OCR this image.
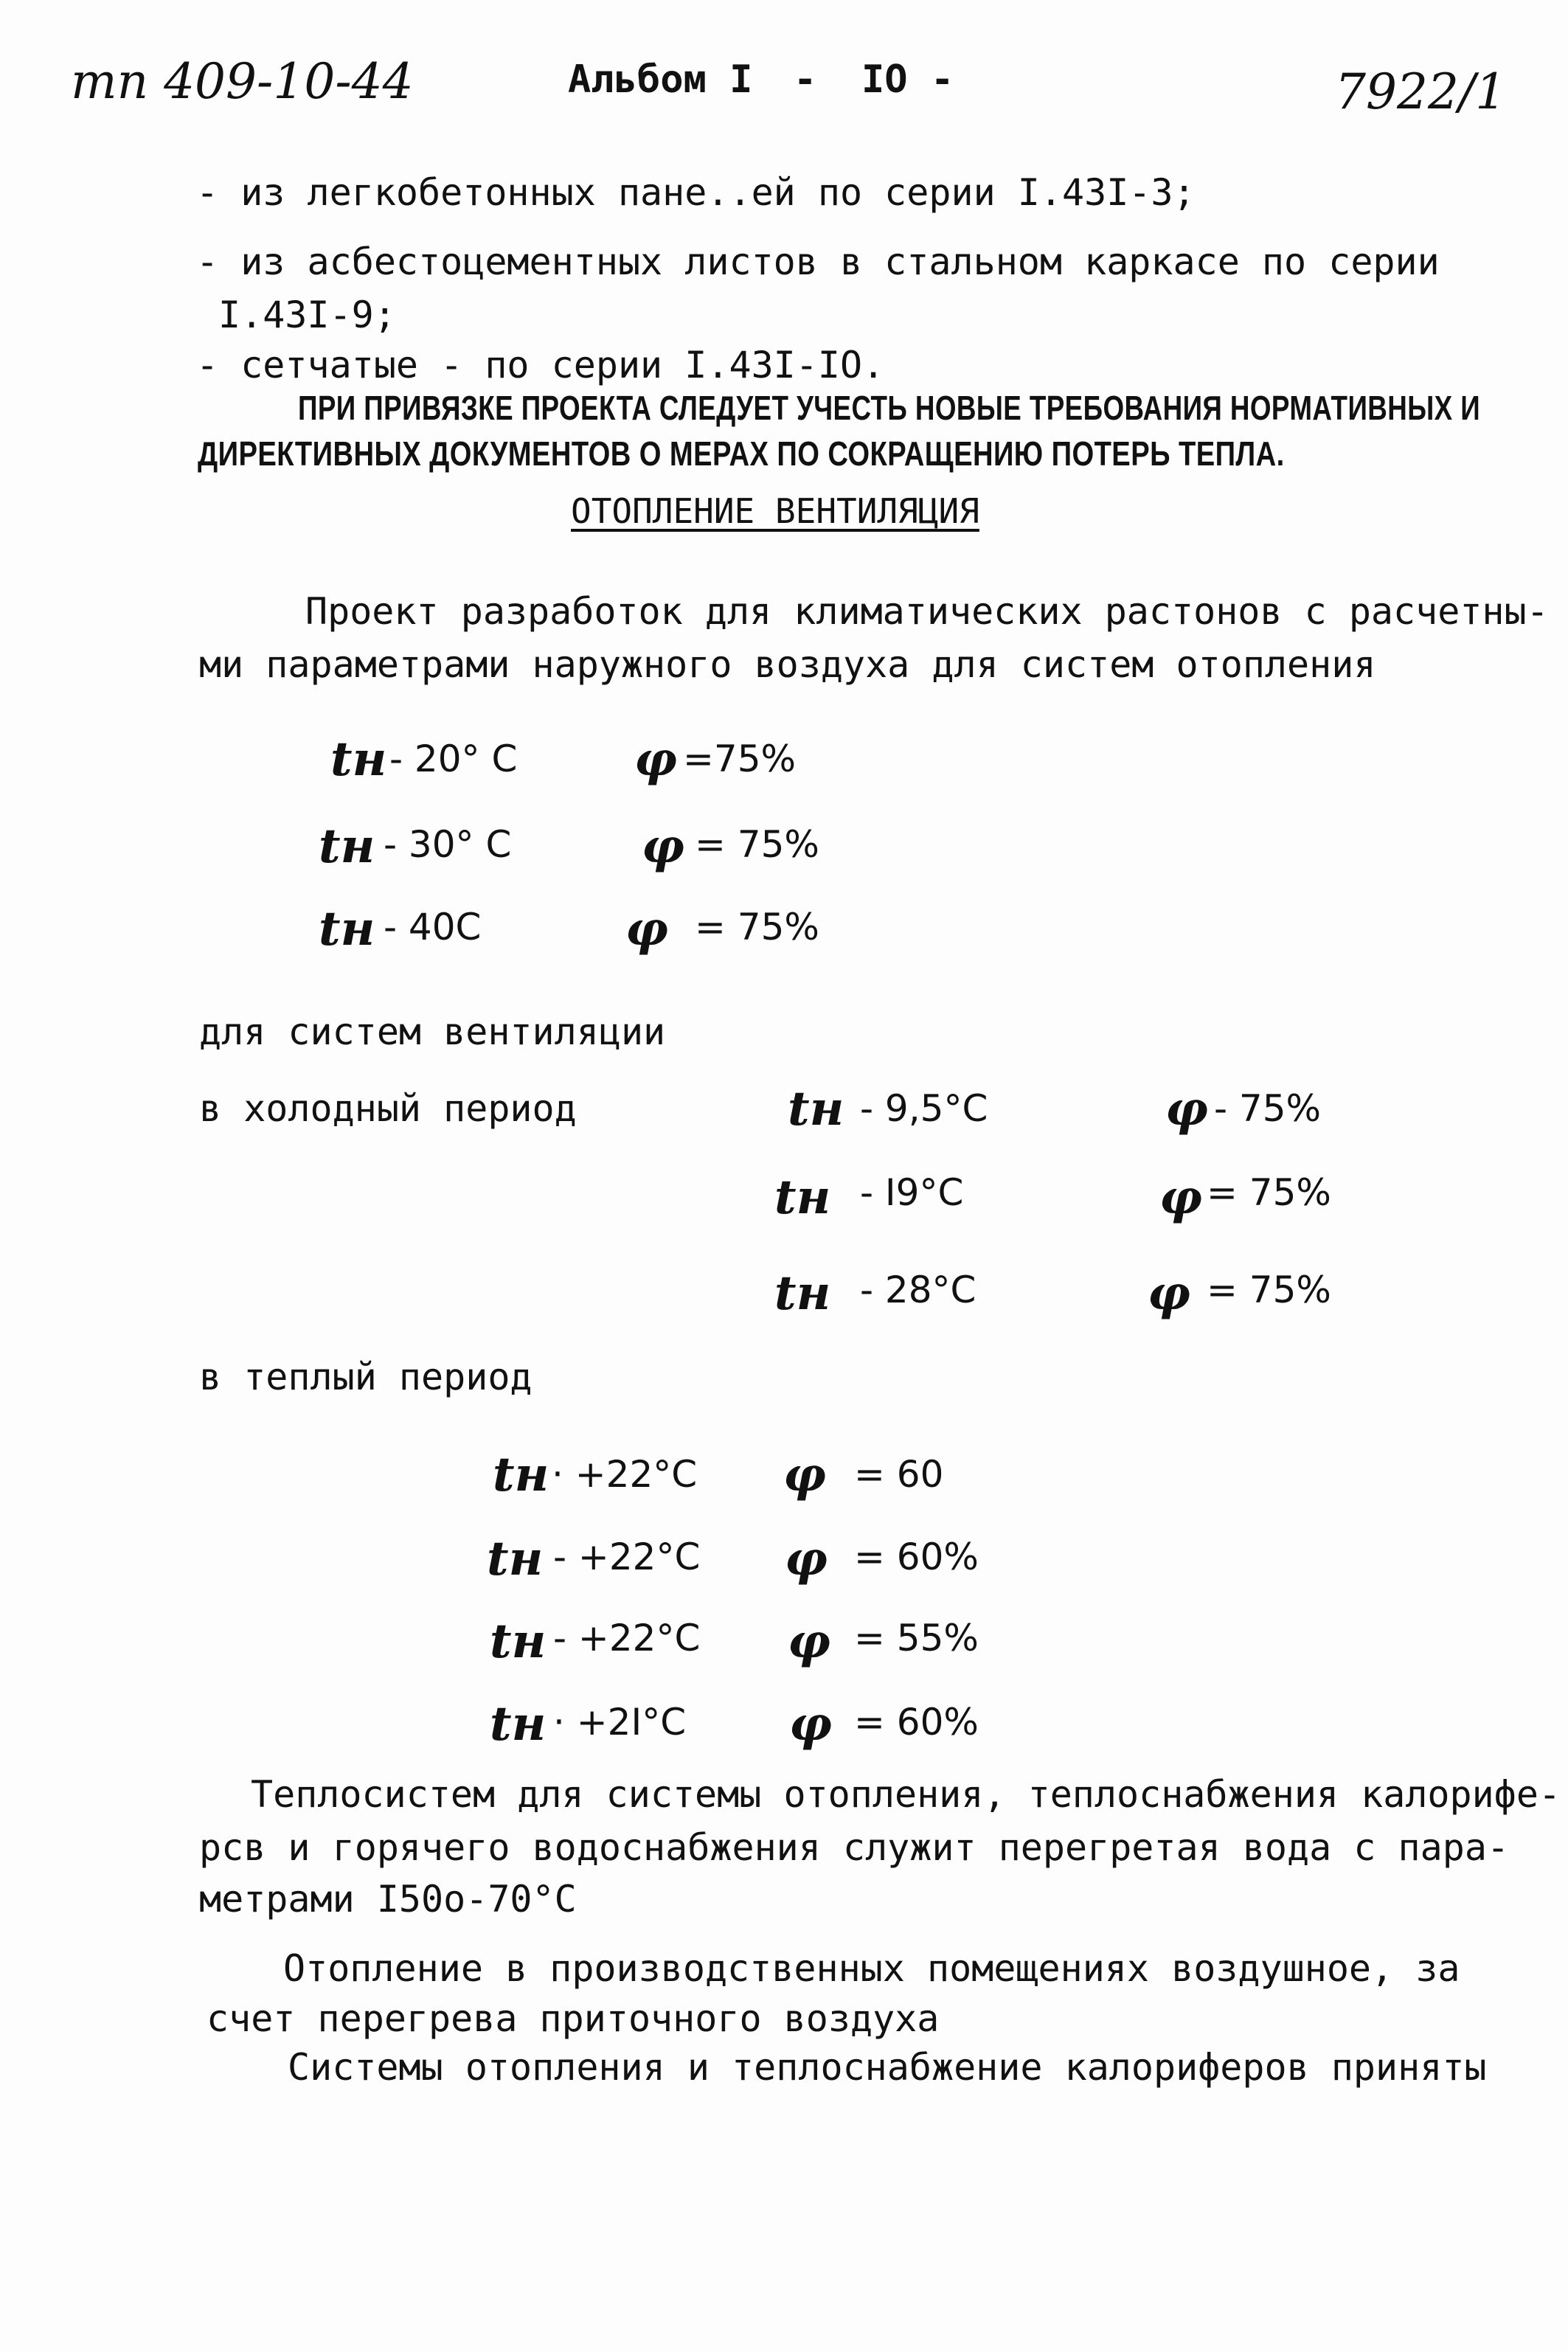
тп 409-10-44	Альбом I - IO -	7922/1
- из легкобетонных пане..ей по серии I.43I-3;
- из асбестоцементных листов в стальном каркасе по серии
I.43I-9;
- сетчатые - по серии I.43I-IO.
ПРИ ПРИВЯЗКЕ ПРОЕКТА СЛЕДУЕТ УЧЕСТЬ НОВЫЕ ТРЕБОВАНИЯ НОРМАТИВНЫХ И
ДИРЕКТИВНЫХ ДОКУМЕНТОВ О МЕРАХ ПО СОКРАЩЕНИЮ ПОТЕРЬ ТЕПЛА.
ОТОПЛЕНИЕ ВЕНТИЛЯЦИЯ
Проект разработок для климатических растонов с расчетны-
ми параметрами наружного воздуха для систем отопления
tн - 20° C φ =75%
tн - 30° C	φ = 75%
tн - 40C	φ = 75%
для систем вентиляции
в холодный период	tн - 9,5°C	φ - 75%
tн - I9°C	φ = 75%
tн - 28°C	φ = 75%
в теплый период
tн · +22°C φ = 60
tн - +22°C φ = 60%
tн - +22°C φ = 55%
tн · +2I°C φ = 60%
Теплосистем для системы отопления, теплоснабжения калорифе-
рсв и горячего водоснабжения служит перегретая вода с пара-
метрами I50о-70°C
Отопление в производственных помещениях воздушное, за
счет перегрева приточного воздуха
Системы отопления и теплоснабжение калориферов приняты
